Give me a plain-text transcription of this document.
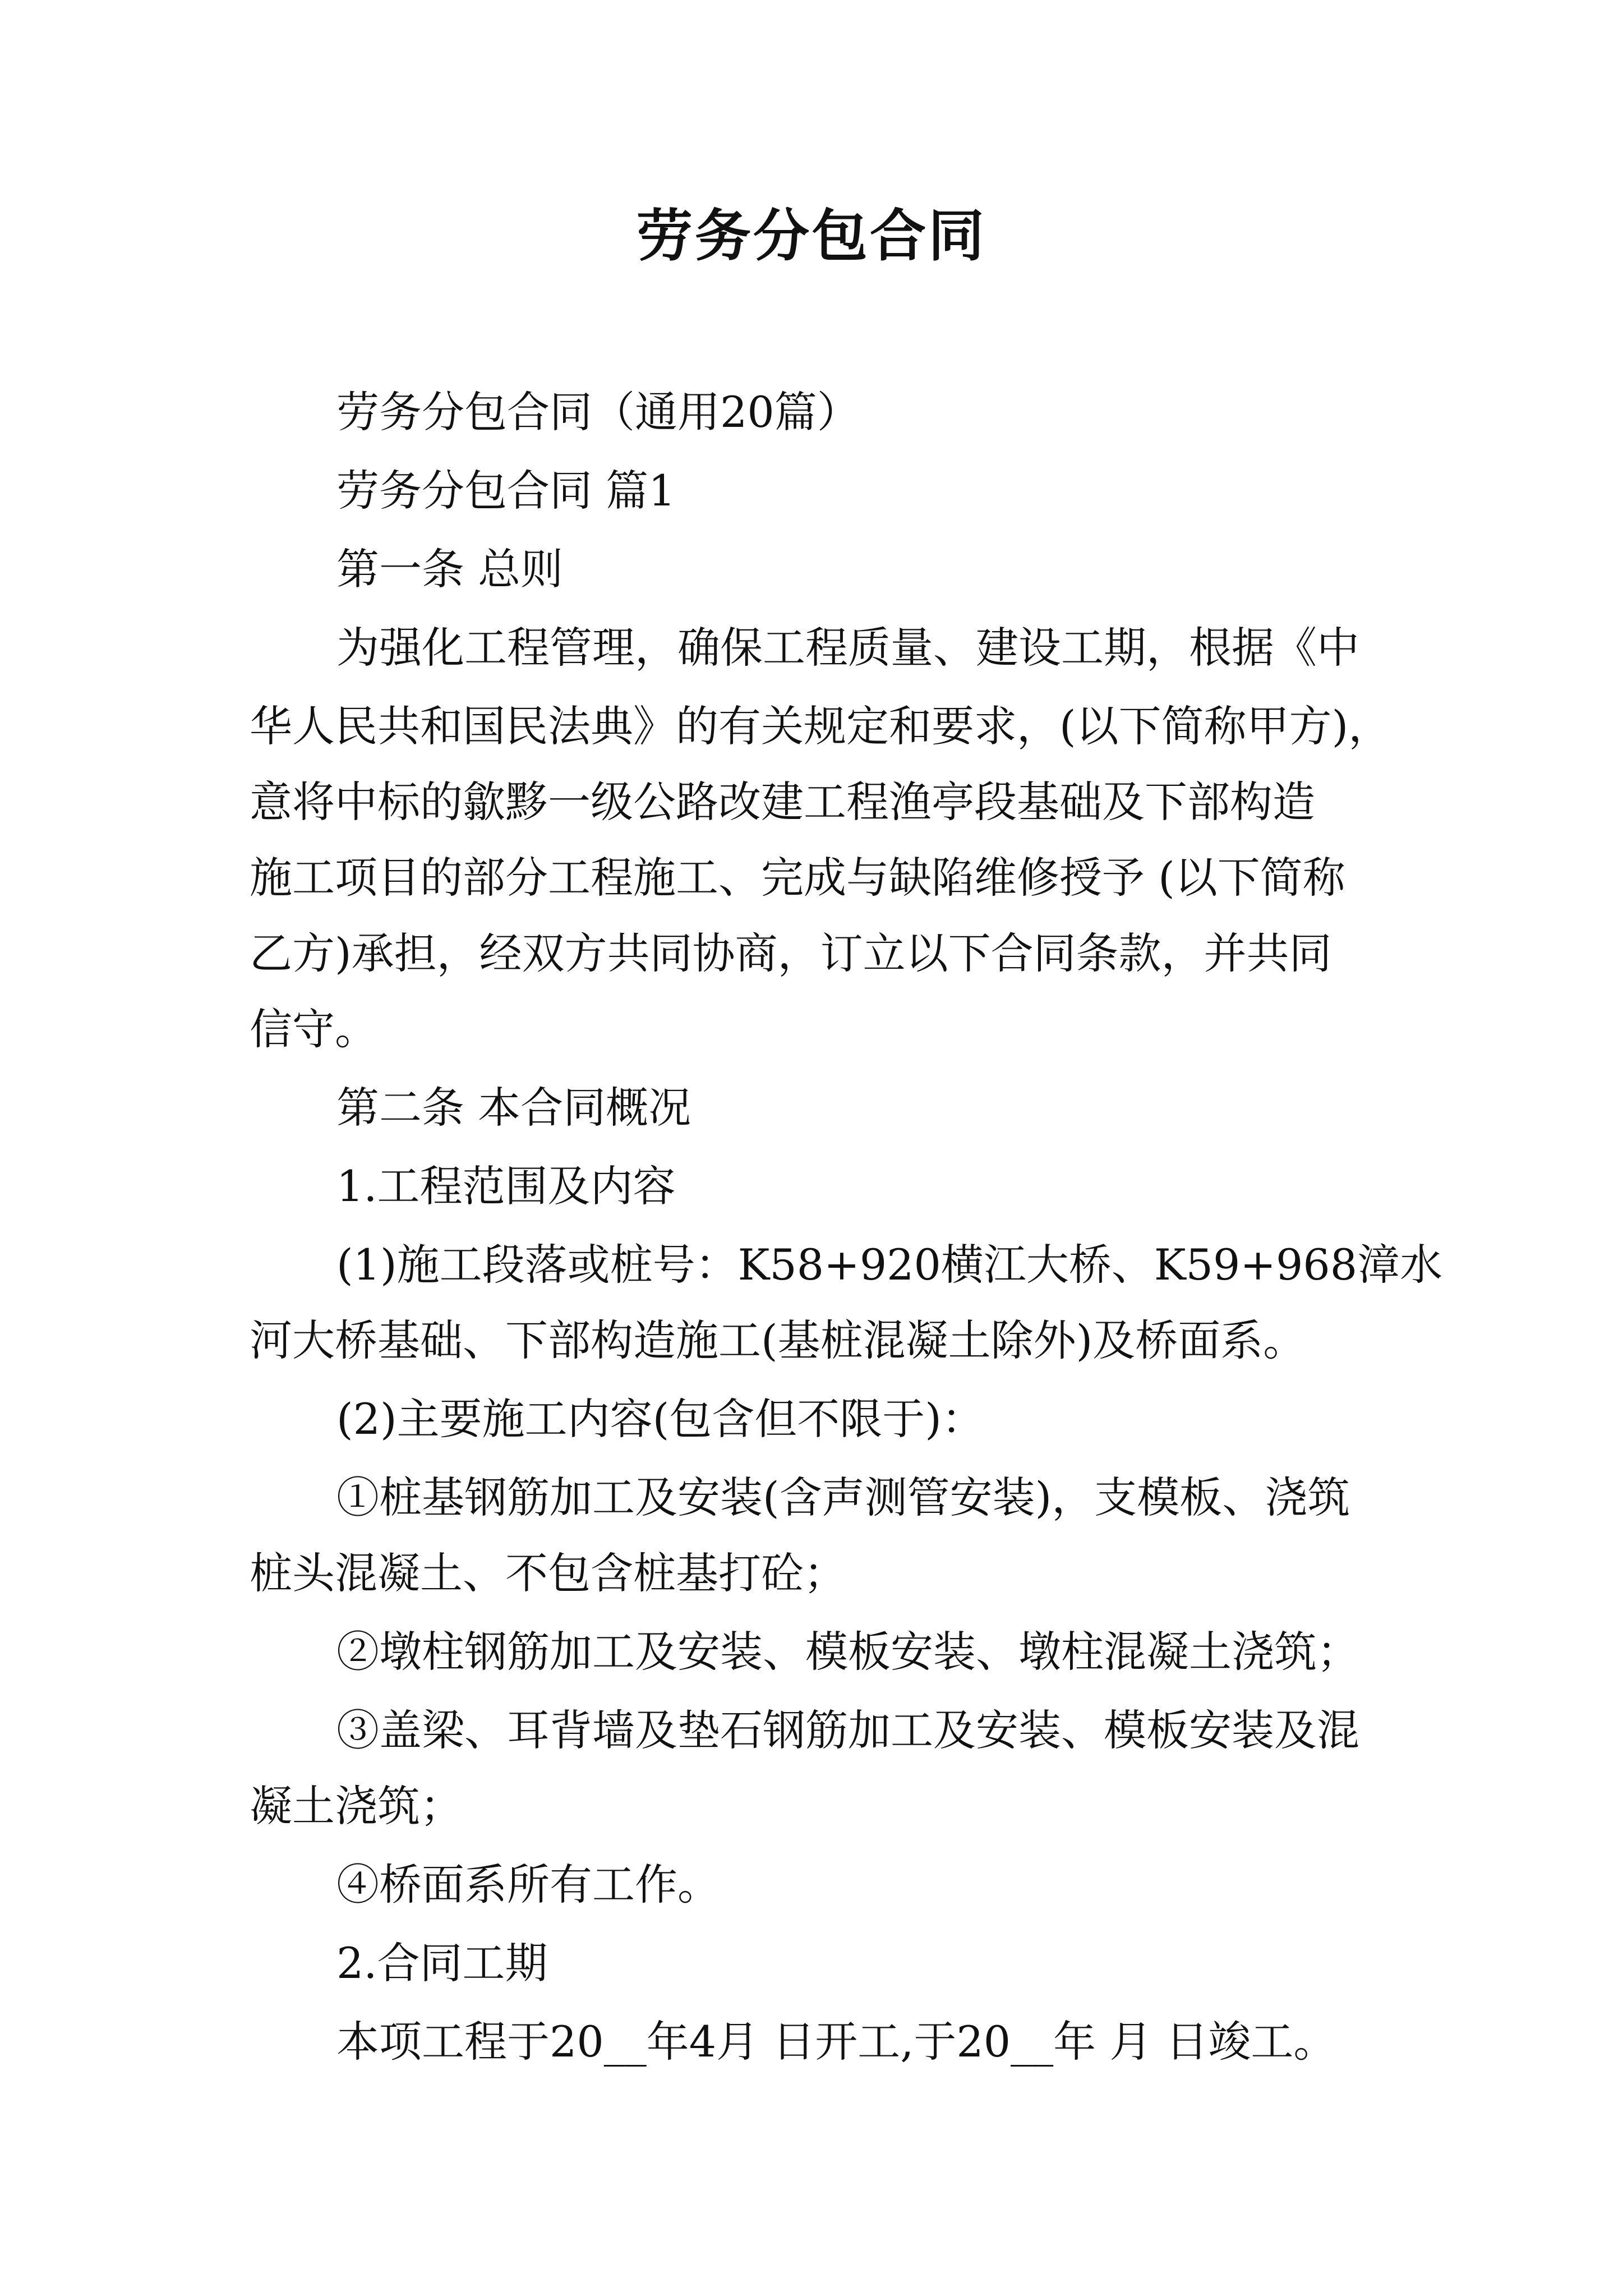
劳务分包合同
劳务分包合同（通用20篇）
劳务分包合同 篇1
第一条 总则
为强化工程管理，确保工程质量、建设工期，根据《中
华人民共和国民法典》的有关规定和要求，(以下简称甲方)，
意将中标的歙黟一级公路改建工程渔亭段基础及下部构造
施工项目的部分工程施工、完成与缺陷维修授予 (以下简称
乙方)承担，经双方共同协商，订立以下合同条款，并共同
信守。
第二条 本合同概况
1.工程范围及内容
(1)施工段落或桩号：K58+920横江大桥、K59+968漳水
河大桥基础、下部构造施工(基桩混凝土除外)及桥面系。
(2)主要施工内容(包含但不限于)：
①桩基钢筋加工及安装(含声测管安装)，支模板、浇筑
桩头混凝土、不包含桩基打砼；
②墩柱钢筋加工及安装、模板安装、墩柱混凝土浇筑；
③盖梁、耳背墙及垫石钢筋加工及安装、模板安装及混
凝土浇筑；
④桥面系所有工作。
2.合同工期
本项工程于20__年4月 日开工,于20__年 月 日竣工。
